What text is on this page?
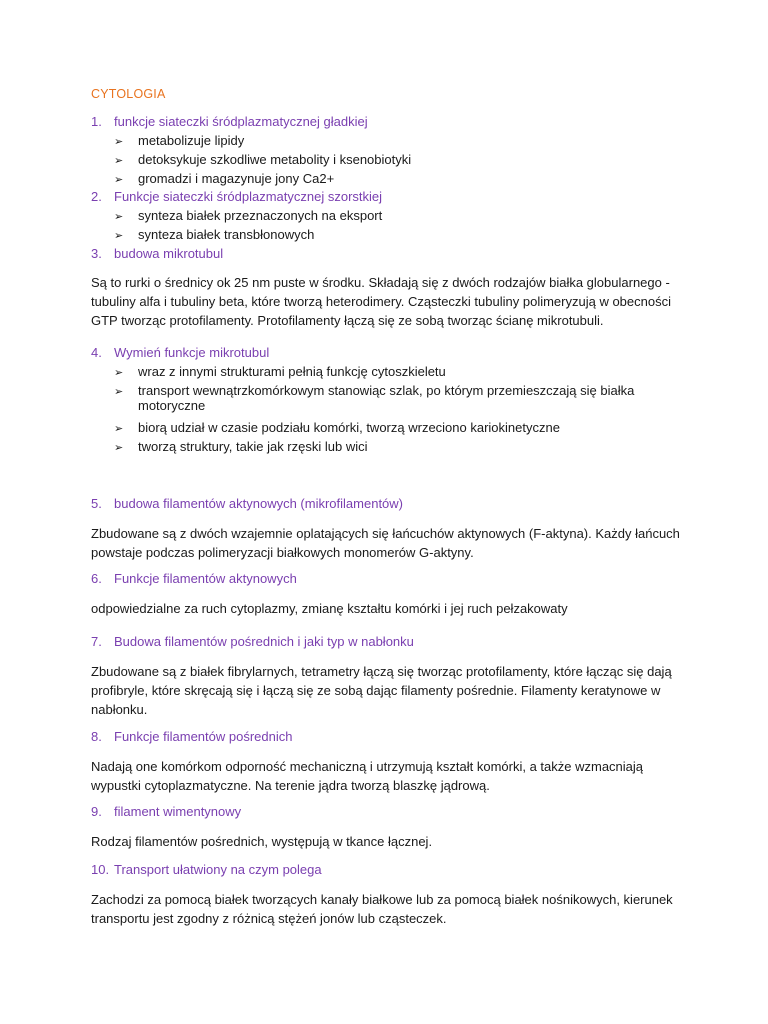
CYTOLOGIA
1. funkcje siateczki śródplazmatycznej gładkiej
➢ metabolizuje lipidy
➢ detoksykuje szkodliwe metabolity i ksenobiotyki
➢ gromadzi i magazynuje jony Ca2+
2. Funkcje siateczki śródplazmatycznej szorstkiej
➢ synteza białek przeznaczonych na eksport
➢ synteza białek transbłonowych
3. budowa mikrotubul
Są to rurki o średnicy ok 25 nm puste w środku. Składają się z dwóch rodzajów białka globularnego - tubuliny alfa i tubuliny beta, które tworzą heterodimery. Cząsteczki tubuliny polimeryzują w obecności GTP tworząc protofilamenty. Protofilamenty łączą się ze sobą tworząc ścianę mikrotubuli.
4. Wymień funkcje mikrotubul
➢ wraz z innymi strukturami pełnią funkcję cytoszkieletu
➢ transport wewnątrzkomórkowym stanowiąc szlak, po którym przemieszczają się białka
motoryczne
➢ biorą udział w czasie podziału komórki, tworzą wrzeciono kariokinetyczne
➢ tworzą struktury, takie jak rzęski lub wici
5. budowa filamentów aktynowych (mikrofilamentów)
Zbudowane są z dwóch wzajemnie oplatających się łańcuchów aktynowych (F-aktyna). Każdy łańcuch powstaje podczas polimeryzacji białkowych monomerów G-aktyny.
6. Funkcje filamentów aktynowych
odpowiedzialne za ruch cytoplazmy, zmianę kształtu komórki i jej ruch pełzakowaty
7. Budowa filamentów pośrednich i jaki typ w nabłonku
Zbudowane są z białek fibrylarnych, tetrametry łączą się tworząc protofilamenty, które łącząc się dają profibryle, które skręcają się i łączą się ze sobą dając filamenty pośrednie. Filamenty keratynowe w nabłonku.
8. Funkcje filamentów pośrednich
Nadają one komórkom odporność mechaniczną i utrzymują kształt komórki, a także wzmacniają wypustki cytoplazmatyczne. Na terenie jądra tworzą blaszkę jądrową.
9. filament wimentynowy
Rodzaj filamentów pośrednich, występują w tkance łącznej.
10. Transport ułatwiony na czym polega
Zachodzi za pomocą białek tworzących kanały białkowe lub za pomocą białek nośnikowych, kierunek transportu jest zgodny z różnicą stężeń jonów lub cząsteczek.
